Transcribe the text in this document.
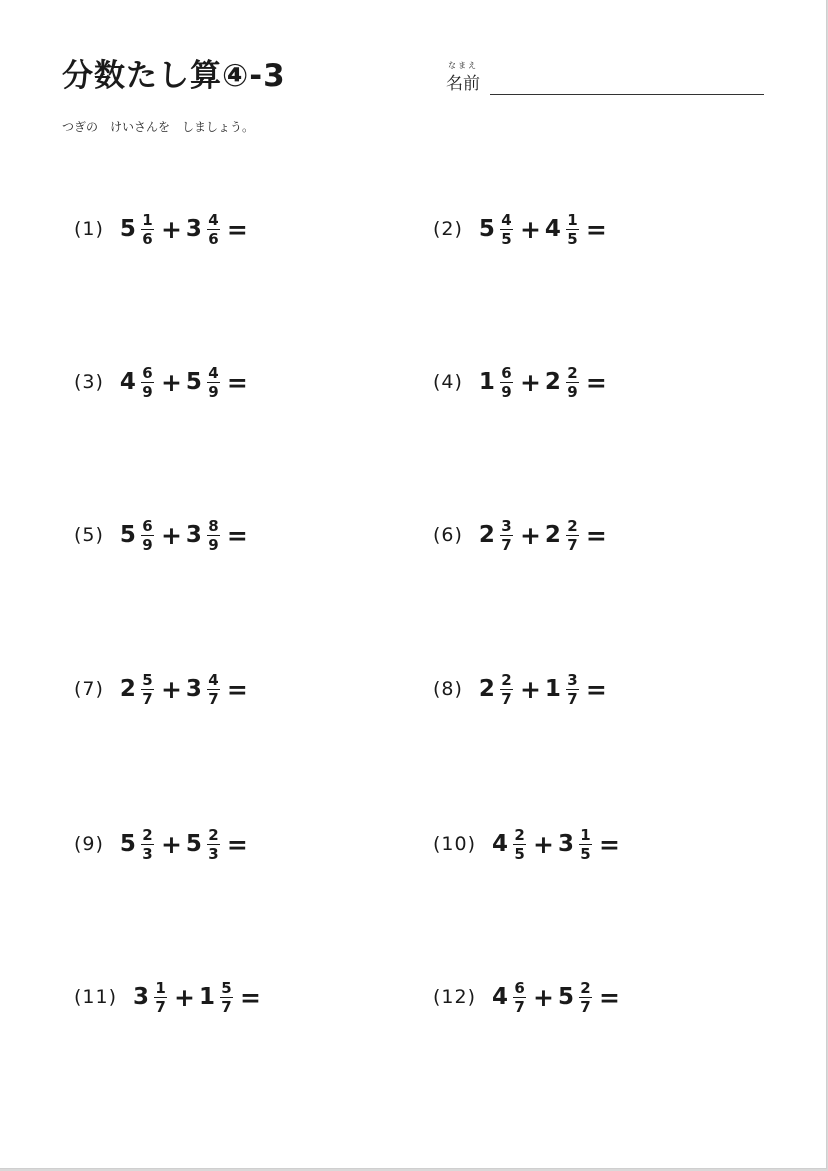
分数たし算④-3	なまえ
名前
つぎの　けいさんを　しましょう。
(1) $5 \frac{1}{6} + 3 \frac{4}{6}$ =	(2) $5 \frac{4}{5} + 4 \frac{1}{5}$ =
(3) $4 \frac{6}{9} + 5 \frac{4}{9}$ =	(4) $1 \frac{6}{9} + 2 \frac{2}{9}$ =
(5) $5 \frac{6}{9} + 3 \frac{8}{9}$ =	(6) $2 \frac{3}{7} + 2 \frac{2}{7}$ =
(7) $2 \frac{5}{7} + 3 \frac{4}{7}$ =	(8) $2 \frac{2}{7} + 1 \frac{3}{7}$ =
(9) $5 \frac{2}{3} + 5 \frac{2}{3}$ =	(10) $4 \frac{2}{5} + 3 \frac{1}{5}$ =
(11) $3 \frac{1}{7} + 1 \frac{5}{7}$ =	(12) $4 \frac{6}{7} + 5 \frac{2}{7}$ =
